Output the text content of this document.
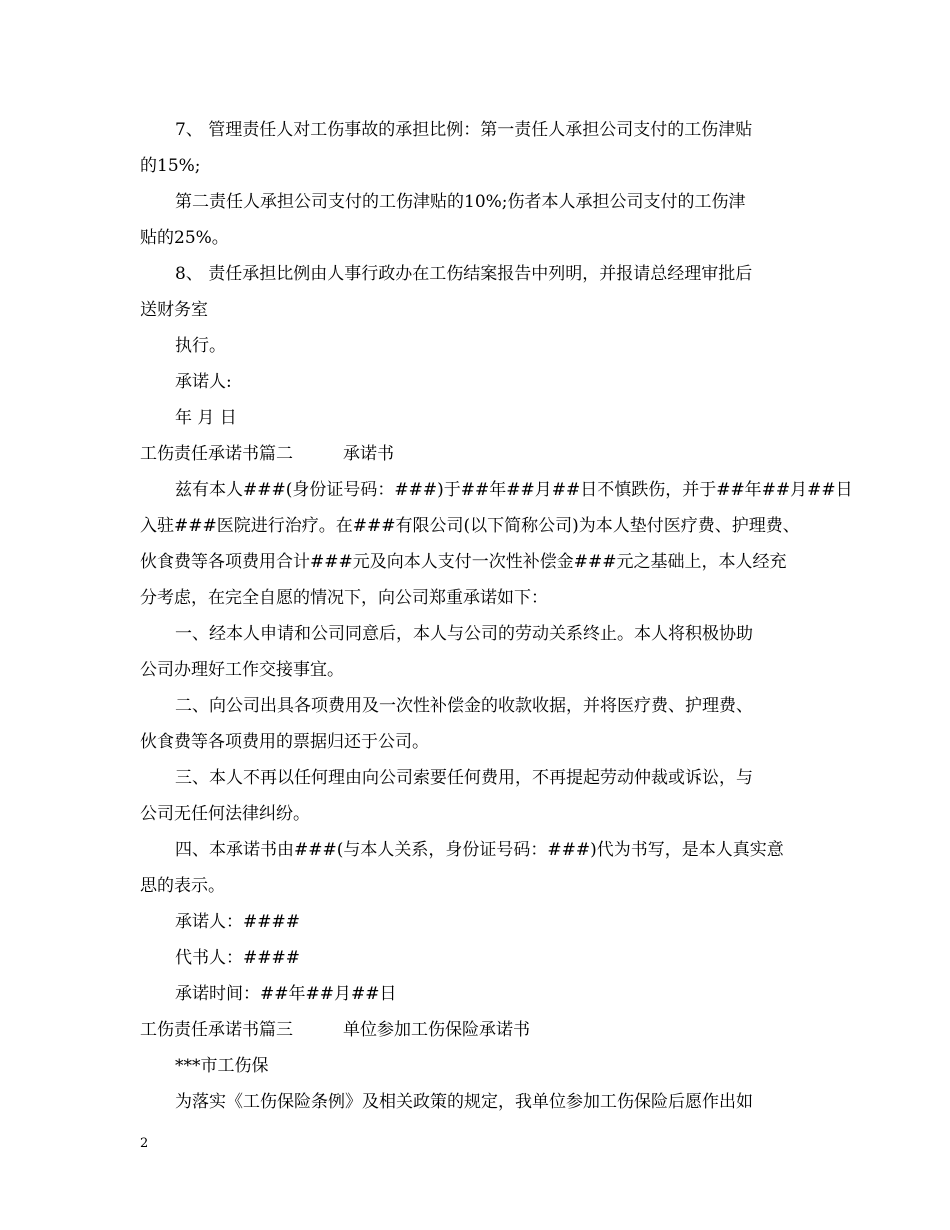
7、 管理责任人对工伤事故的承担比例：第一责任人承担公司支付的工伤津贴
的15%;
第二责任人承担公司支付的工伤津贴的10%;伤者本人承担公司支付的工伤津
贴的25%。
8、 责任承担比例由人事行政办在工伤结案报告中列明，并报请总经理审批后
送财务室
执行。
承诺人:
年 月 日
工伤责任承诺书篇二	承诺书
兹有本人###(身份证号码：###)于##年##月##日不慎跌伤，并于##年##月##日
入驻###医院进行治疗。在###有限公司(以下简称公司)为本人垫付医疗费、护理费、
伙食费等各项费用合计###元及向本人支付一次性补偿金###元之基础上，本人经充
分考虑，在完全自愿的情况下，向公司郑重承诺如下：
一、经本人申请和公司同意后，本人与公司的劳动关系终止。本人将积极协助
公司办理好工作交接事宜。
二、向公司出具各项费用及一次性补偿金的收款收据，并将医疗费、护理费、
伙食费等各项费用的票据归还于公司。
三、本人不再以任何理由向公司索要任何费用，不再提起劳动仲裁或诉讼，与
公司无任何法律纠纷。
四、本承诺书由###(与本人关系，身份证号码：###)代为书写，是本人真实意
思的表示。
承诺人：####
代书人：####
承诺时间：##年##月##日
工伤责任承诺书篇三	单位参加工伤保险承诺书
***市工伤保
为落实《工伤保险条例》及相关政策的规定，我单位参加工伤保险后愿作出如
2
